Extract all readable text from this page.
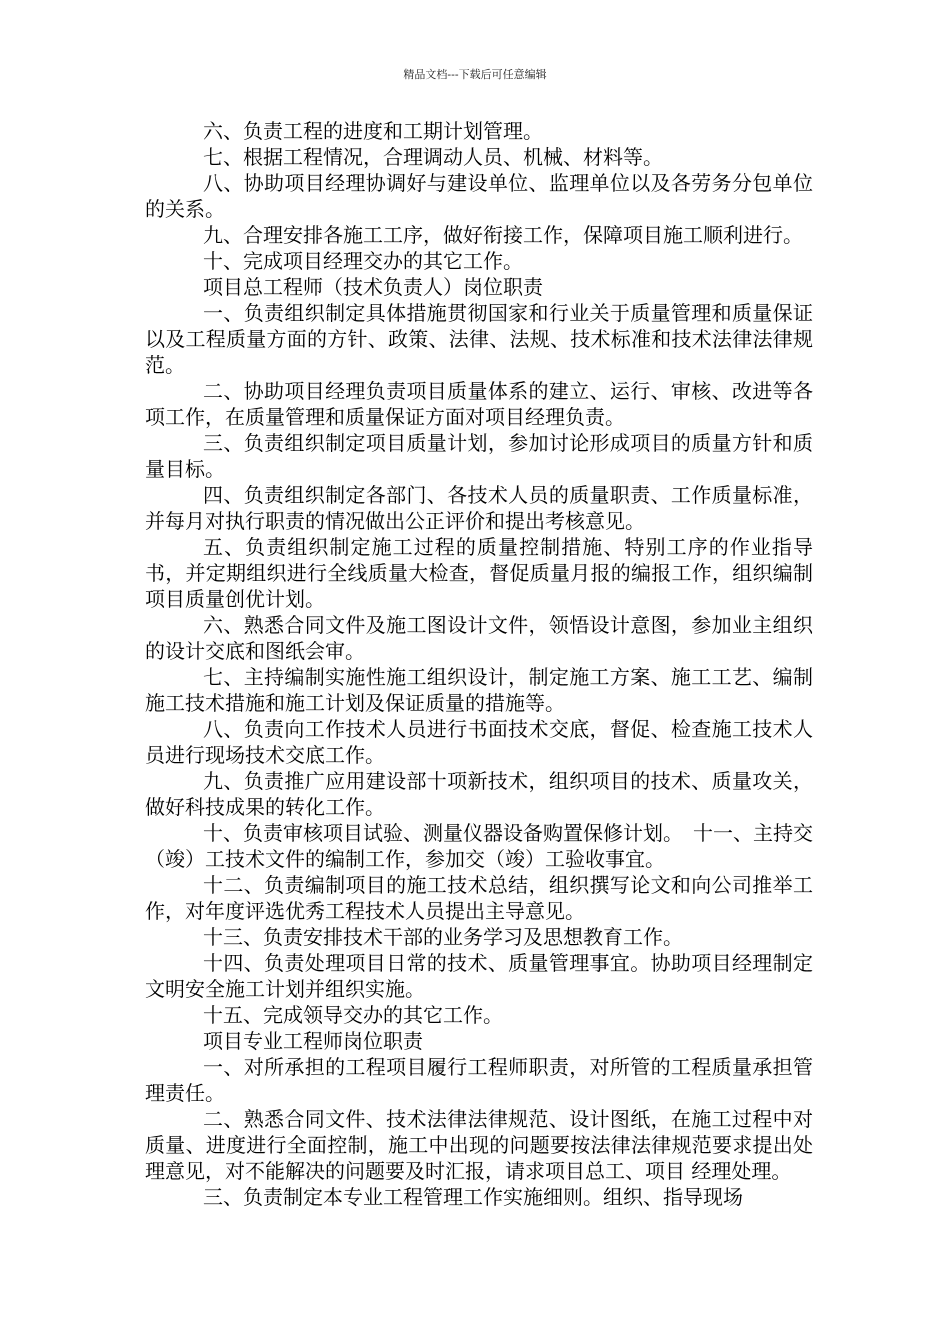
精品文档---下载后可任意编辑

六、负责工程的进度和工期计划管理。

七、根据工程情况，合理调动人员、机械、材料等。

八、协助项目经理协调好与建设单位、监理单位以及各劳务分包单位的关系。

九、合理安排各施工工序，做好衔接工作，保障项目施工顺利进行。

十、完成项目经理交办的其它工作。

项目总工程师（技术负责人）岗位职责

一、负责组织制定具体措施贯彻国家和行业关于质量管理和质量保证以及工程质量方面的方针、政策、法律、法规、技术标准和技术法律法律规范。

二、协助项目经理负责项目质量体系的建立、运行、审核、改进等各项工作，在质量管理和质量保证方面对项目经理负责。

三、负责组织制定项目质量计划，参加讨论形成项目的质量方针和质量目标。

四、负责组织制定各部门、各技术人员的质量职责、工作质量标准，并每月对执行职责的情况做出公正评价和提出考核意见。

五、负责组织制定施工过程的质量控制措施、特别工序的作业指导书，并定期组织进行全线质量大检查，督促质量月报的编报工作，组织编制项目质量创优计划。

六、熟悉合同文件及施工图设计文件，领悟设计意图，参加业主组织的设计交底和图纸会审。

七、主持编制实施性施工组织设计，制定施工方案、施工工艺、编制施工技术措施和施工计划及保证质量的措施等。

八、负责向工作技术人员进行书面技术交底，督促、检查施工技术人员进行现场技术交底工作。

九、负责推广应用建设部十项新技术，组织项目的技术、质量攻关，做好科技成果的转化工作。

十、负责审核项目试验、测量仪器设备购置保修计划。　十一、主持交（竣）工技术文件的编制工作，参加交（竣）工验收事宜。

十二、负责编制项目的施工技术总结，组织撰写论文和向公司推举工作，对年度评选优秀工程技术人员提出主导意见。

十三、负责安排技术干部的业务学习及思想教育工作。

十四、负责处理项目日常的技术、质量管理事宜。协助项目经理制定文明安全施工计划并组织实施。

十五、完成领导交办的其它工作。

项目专业工程师岗位职责

一、对所承担的工程项目履行工程师职责，对所管的工程质量承担管理责任。

二、熟悉合同文件、技术法律法律规范、设计图纸，在施工过程中对质量、进度进行全面控制，施工中出现的问题要按法律法律规范要求提出处理意见，对不能解决的问题要及时汇报，请求项目总工、项目 经理处理。

三、负责制定本专业工程管理工作实施细则。组织、指导现场
